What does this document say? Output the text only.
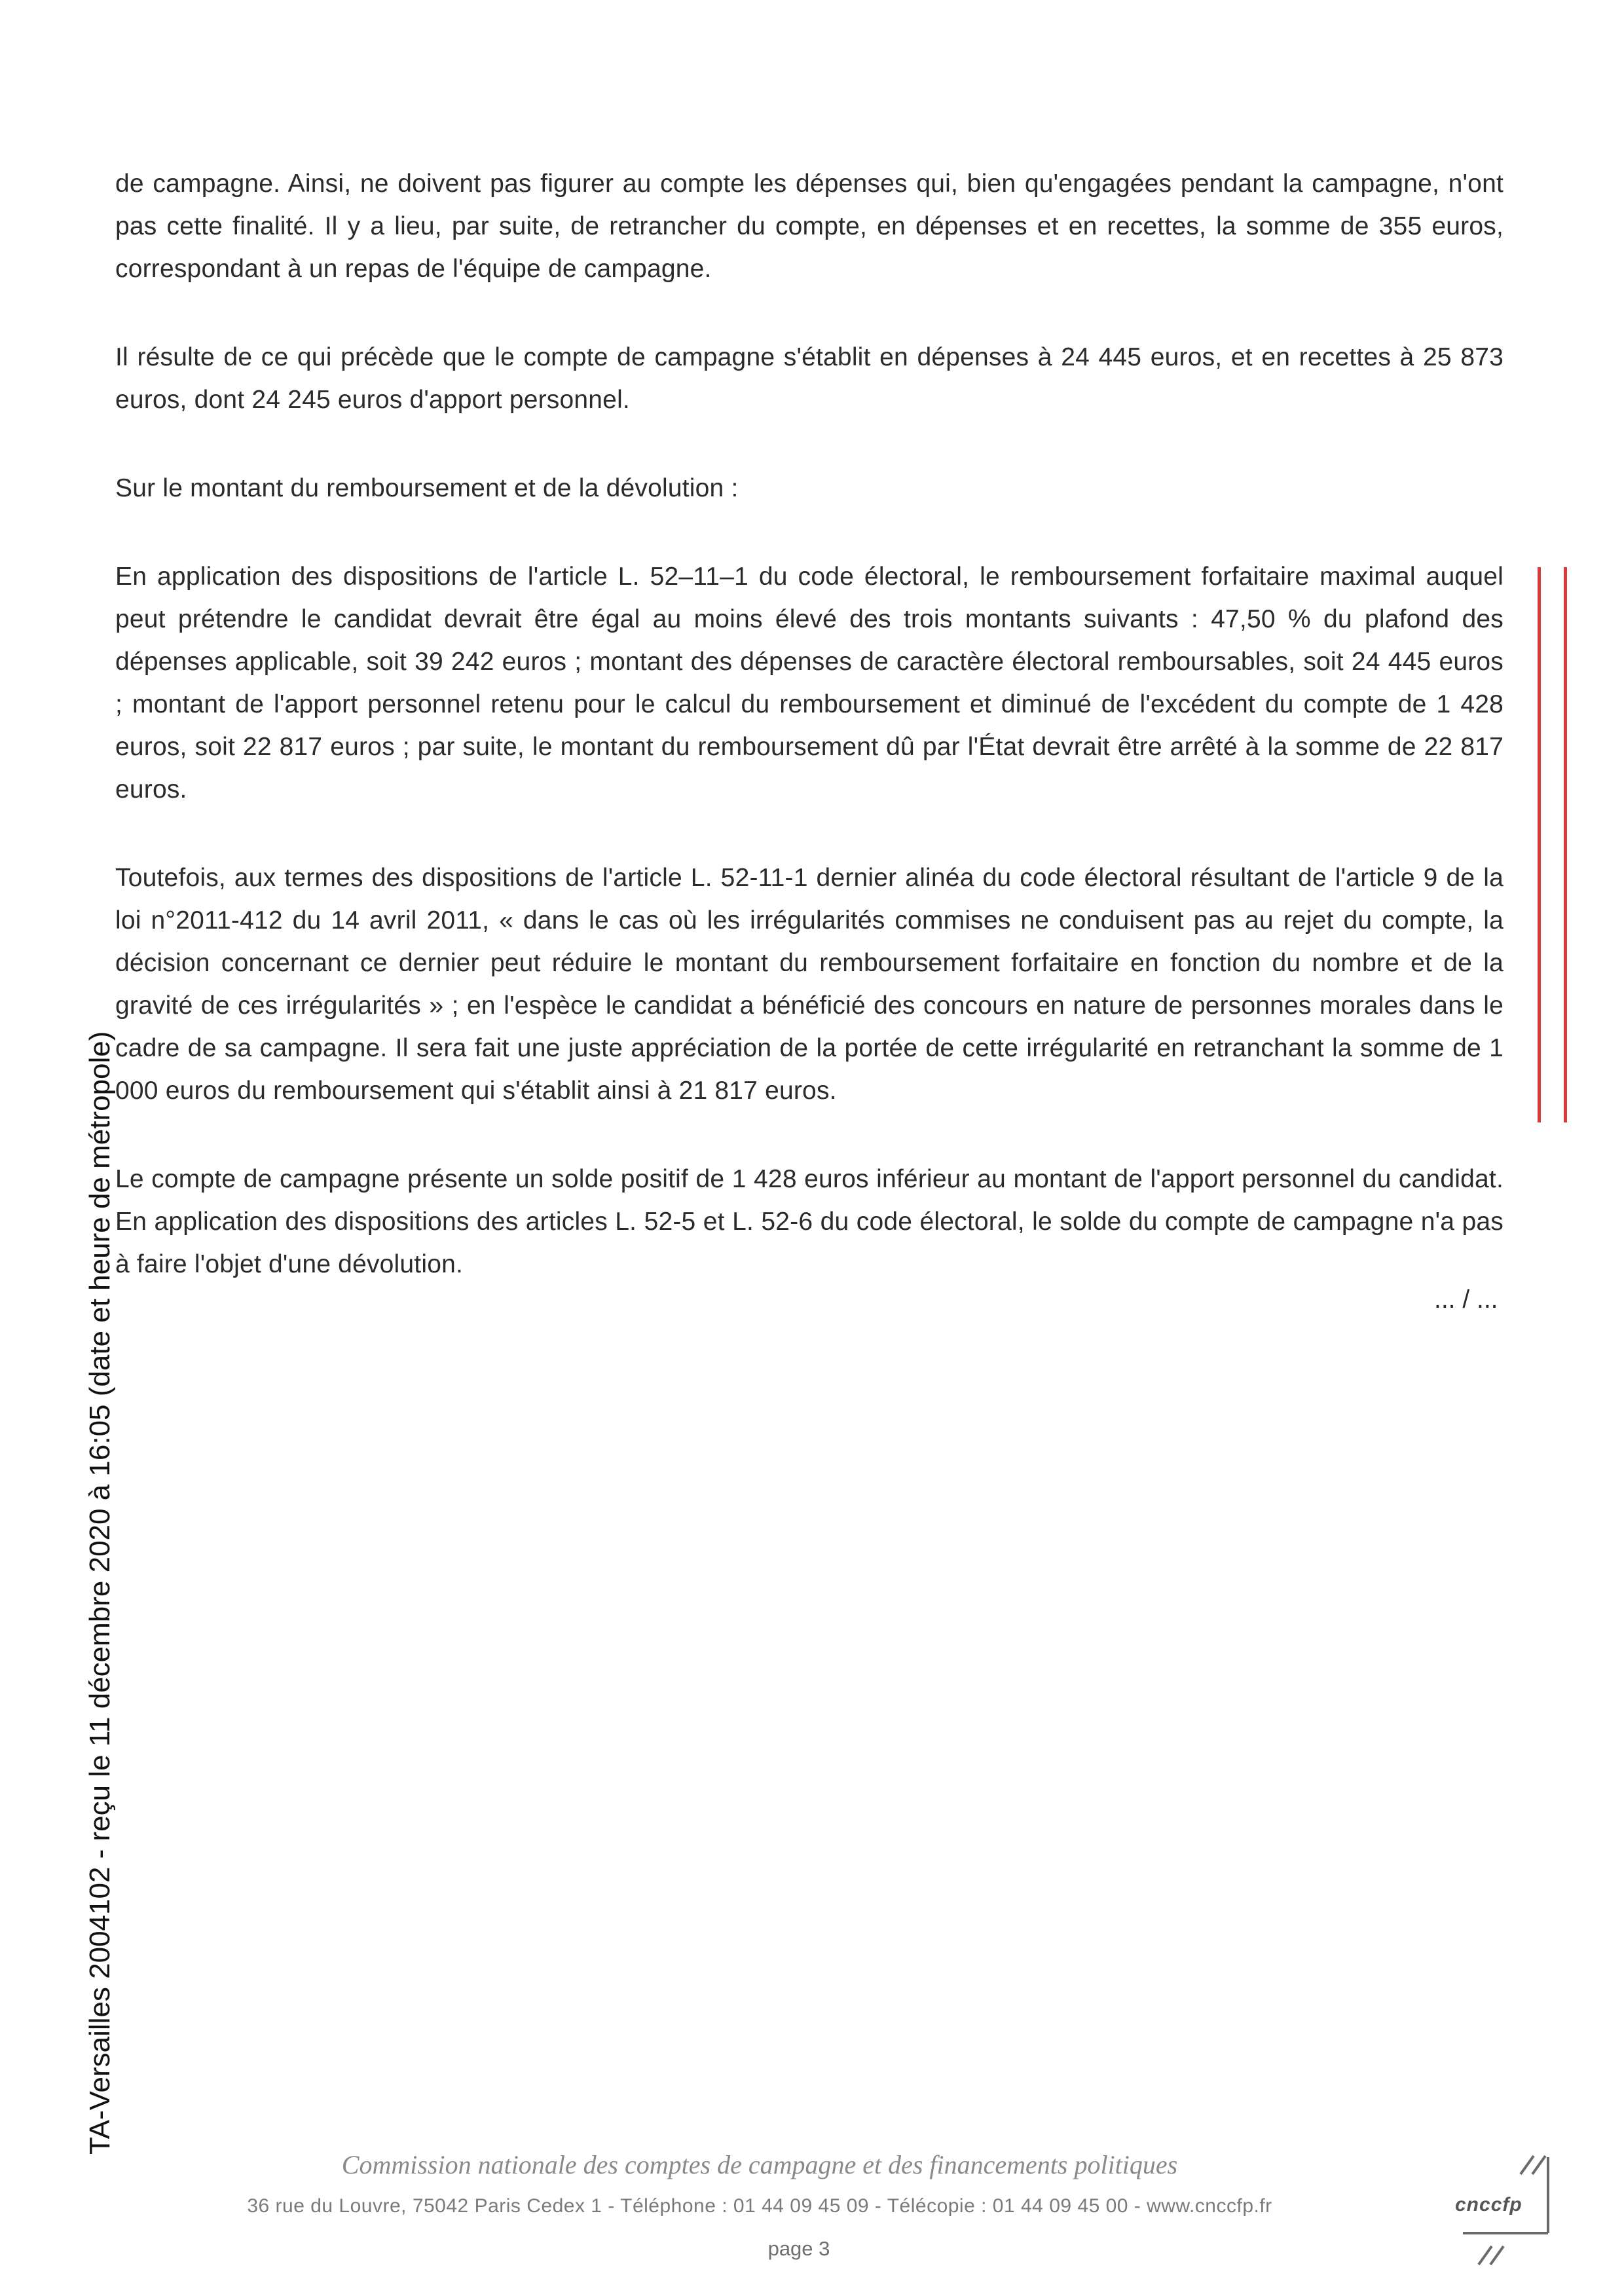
de campagne. Ainsi, ne doivent pas figurer au compte les dépenses qui, bien qu'engagées pendant la campagne, n'ont pas cette finalité. Il y a lieu, par suite, de retrancher du compte, en dépenses et en recettes, la somme de 355 euros, correspondant à un repas de l'équipe de campagne.

Il résulte de ce qui précède que le compte de campagne s'établit en dépenses à 24 445 euros, et en recettes à 25 873 euros, dont 24 245 euros d'apport personnel.

Sur le montant du remboursement et de la dévolution :

En application des dispositions de l'article L. 52–11–1 du code électoral, le remboursement forfaitaire maximal auquel peut prétendre le candidat devrait être égal au moins élevé des trois montants suivants : 47,50 % du plafond des dépenses applicable, soit 39 242 euros ; montant des dépenses de caractère électoral remboursables, soit 24 445 euros ; montant de l'apport personnel retenu pour le calcul du remboursement et diminué de l'excédent du compte de 1 428 euros, soit 22 817 euros ; par suite, le montant du remboursement dû par l'État devrait être arrêté à la somme de 22 817 euros.

Toutefois, aux termes des dispositions de l'article L. 52-11-1 dernier alinéa du code électoral résultant de l'article 9 de la loi n°2011-412 du 14 avril 2011, « dans le cas où les irrégularités commises ne conduisent pas au rejet du compte, la décision concernant ce dernier peut réduire le montant du remboursement forfaitaire en fonction du nombre et de la gravité de ces irrégularités » ; en l'espèce le candidat a bénéficié des concours en nature de personnes morales dans le cadre de sa campagne. Il sera fait une juste appréciation de la portée de cette irrégularité en retranchant la somme de 1 000 euros du remboursement qui s'établit ainsi à 21 817 euros.

Le compte de campagne présente un solde positif de 1 428 euros inférieur au montant de l'apport personnel du candidat. En application des dispositions des articles L. 52-5 et L. 52-6 du code électoral, le solde du compte de campagne n'a pas à faire l'objet d'une dévolution.

... / ...
TA-Versailles 2004102 - reçu le 11 décembre 2020 à 16:05 (date et heure de métropole)
Commission nationale des comptes de campagne et des financements politiques
36 rue du Louvre, 75042 Paris Cedex 1 - Téléphone : 01 44 09 45 09 - Télécopie : 01 44 09 45 00 - www.cnccfp.fr
page 3
cnccfp
